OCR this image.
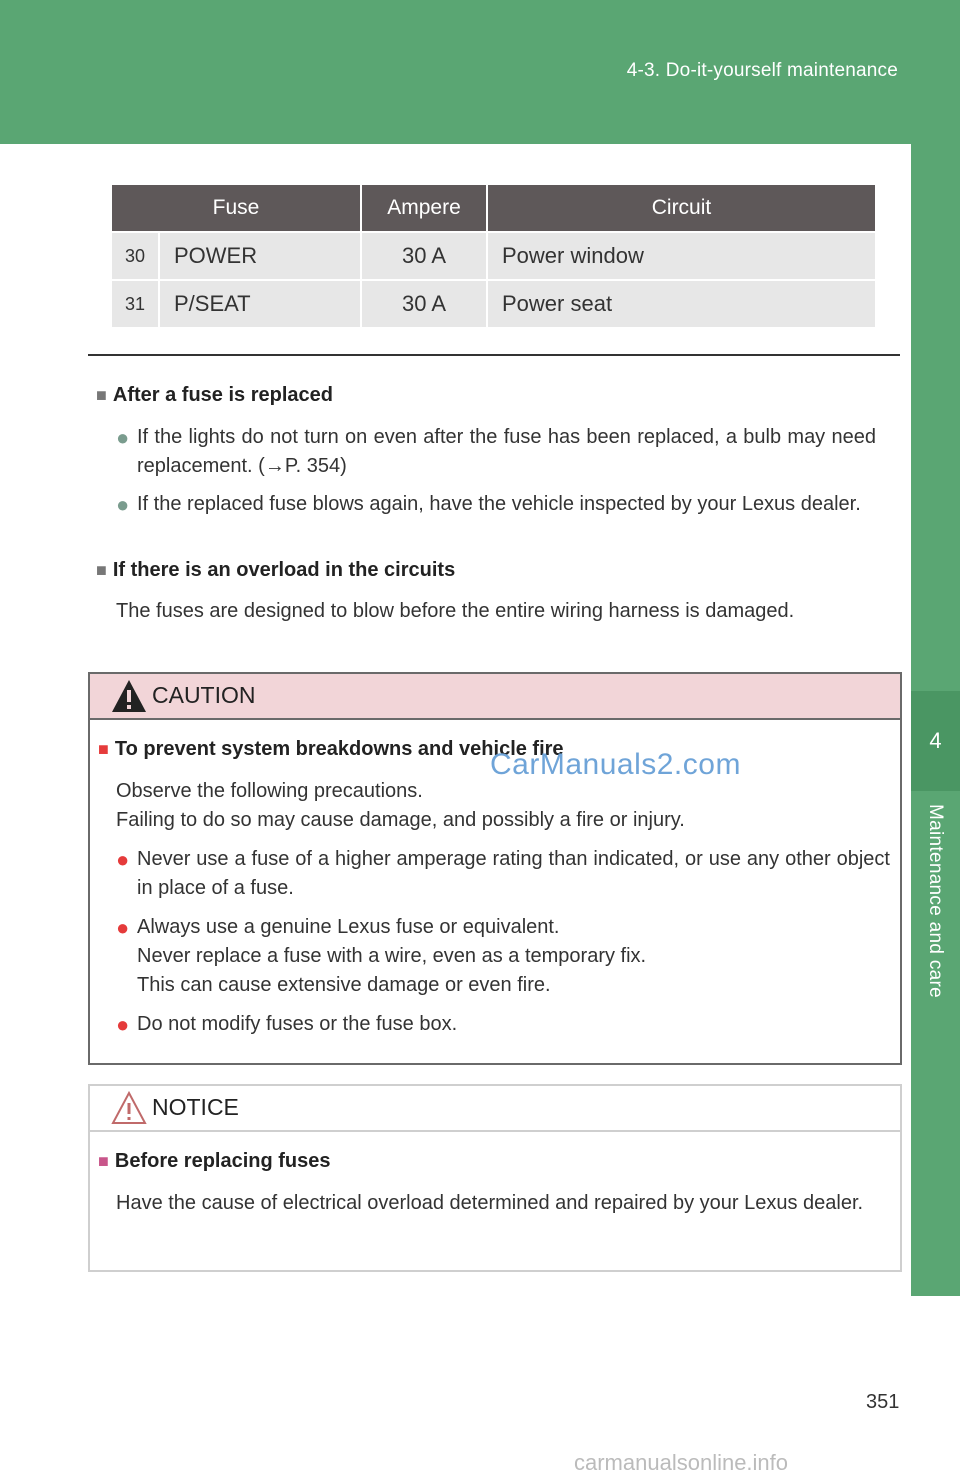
4-3. Do-it-yourself maintenance
4
Maintenance and care
Fuse		Ampere	Circuit
30	POWER	30 A	Power window
31	P/SEAT	30 A	Power seat
■ After a fuse is replaced
● If the lights do not turn on even after the fuse has been replaced, a bulb may need replacement. (→P. 354)
● If the replaced fuse blows again, have the vehicle inspected by your Lexus dealer.
■ If there is an overload in the circuits
The fuses are designed to blow before the entire wiring harness is damaged.
CAUTION
■ To prevent system breakdowns and vehicle fire
Observe the following precautions.
Failing to do so may cause damage, and possibly a fire or injury.
● Never use a fuse of a higher amperage rating than indicated, or use any other object in place of a fuse.
● Always use a genuine Lexus fuse or equivalent.
Never replace a fuse with a wire, even as a temporary fix.
This can cause extensive damage or even fire.
● Do not modify fuses or the fuse box.
CarManuals2.com
NOTICE
■ Before replacing fuses
Have the cause of electrical overload determined and repaired by your Lexus dealer.
351
carmanualsonline.info
